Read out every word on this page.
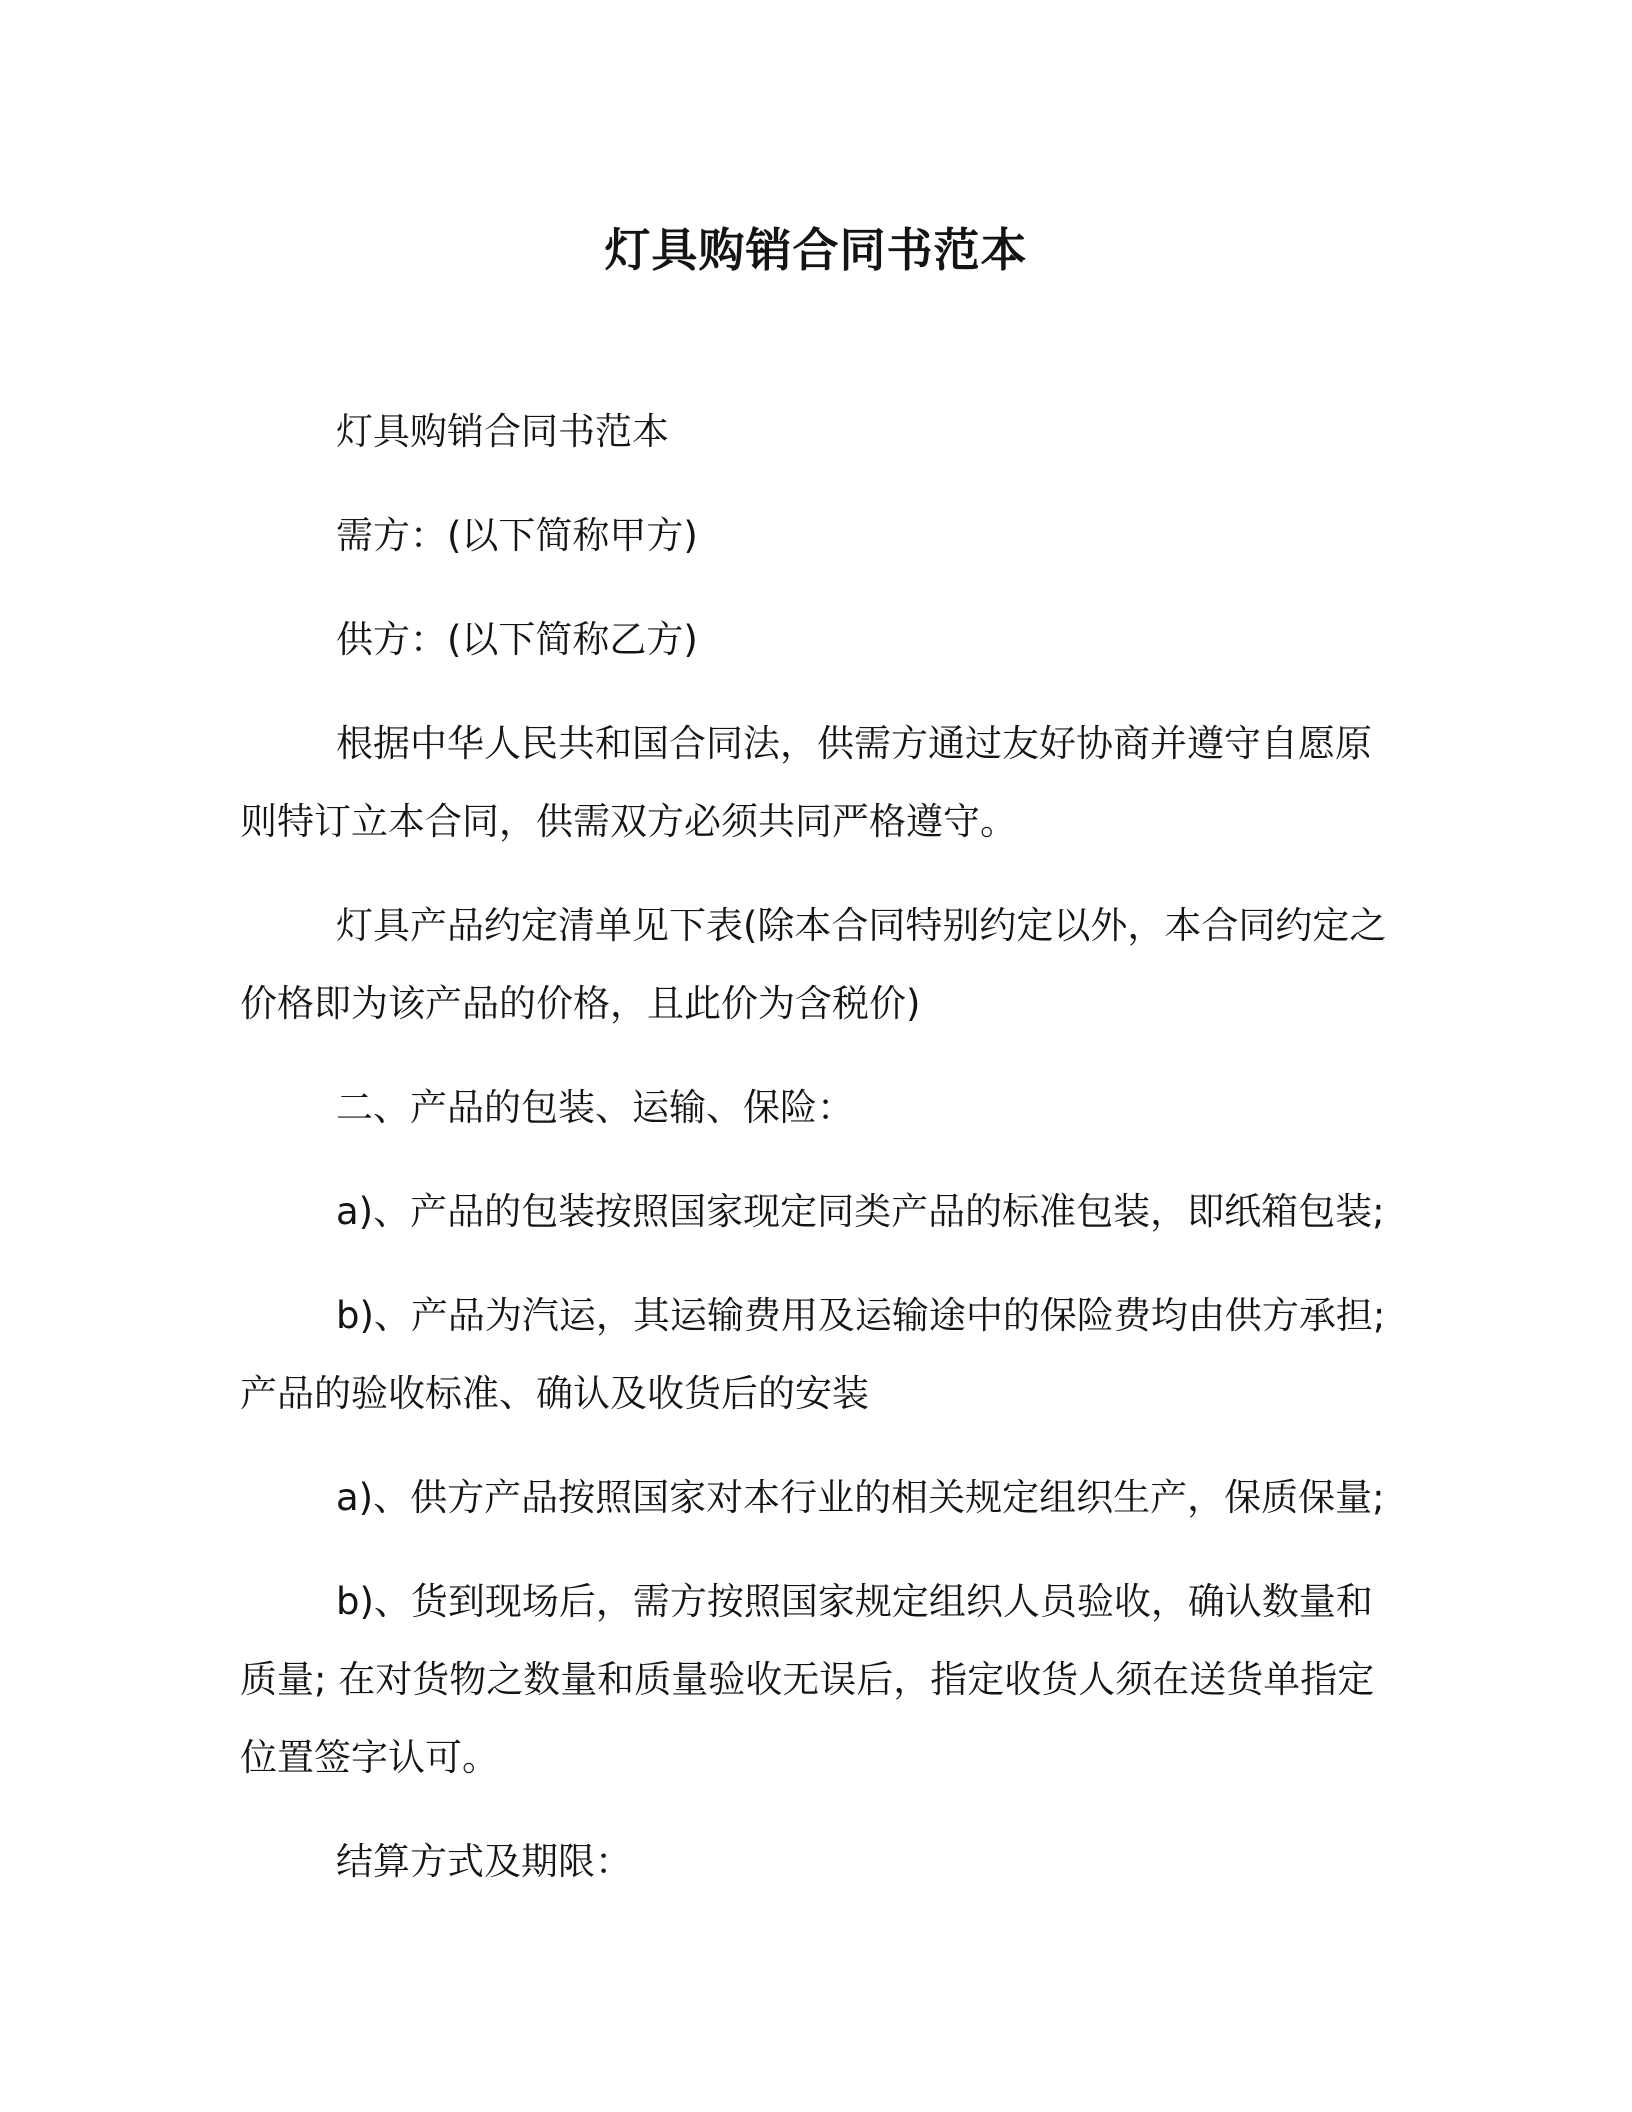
灯具购销合同书范本

灯具购销合同书范本

需方：(以下简称甲方)

供方：(以下简称乙方)

根据中华人民共和国合同法，供需方通过友好协商并遵守自愿原则特订立本合同，供需双方必须共同严格遵守。

灯具产品约定清单见下表(除本合同特别约定以外，本合同约定之价格即为该产品的价格，且此价为含税价)

二、产品的包装、运输、保险：

a)、产品的包装按照国家现定同类产品的标准包装，即纸箱包装;

b)、产品为汽运，其运输费用及运输途中的保险费均由供方承担;

产品的验收标准、确认及收货后的安装

a)、供方产品按照国家对本行业的相关规定组织生产，保质保量;

b)、货到现场后，需方按照国家规定组织人员验收，确认数量和质量; 在对货物之数量和质量验收无误后，指定收货人须在送货单指定位置签字认可。

结算方式及期限：
